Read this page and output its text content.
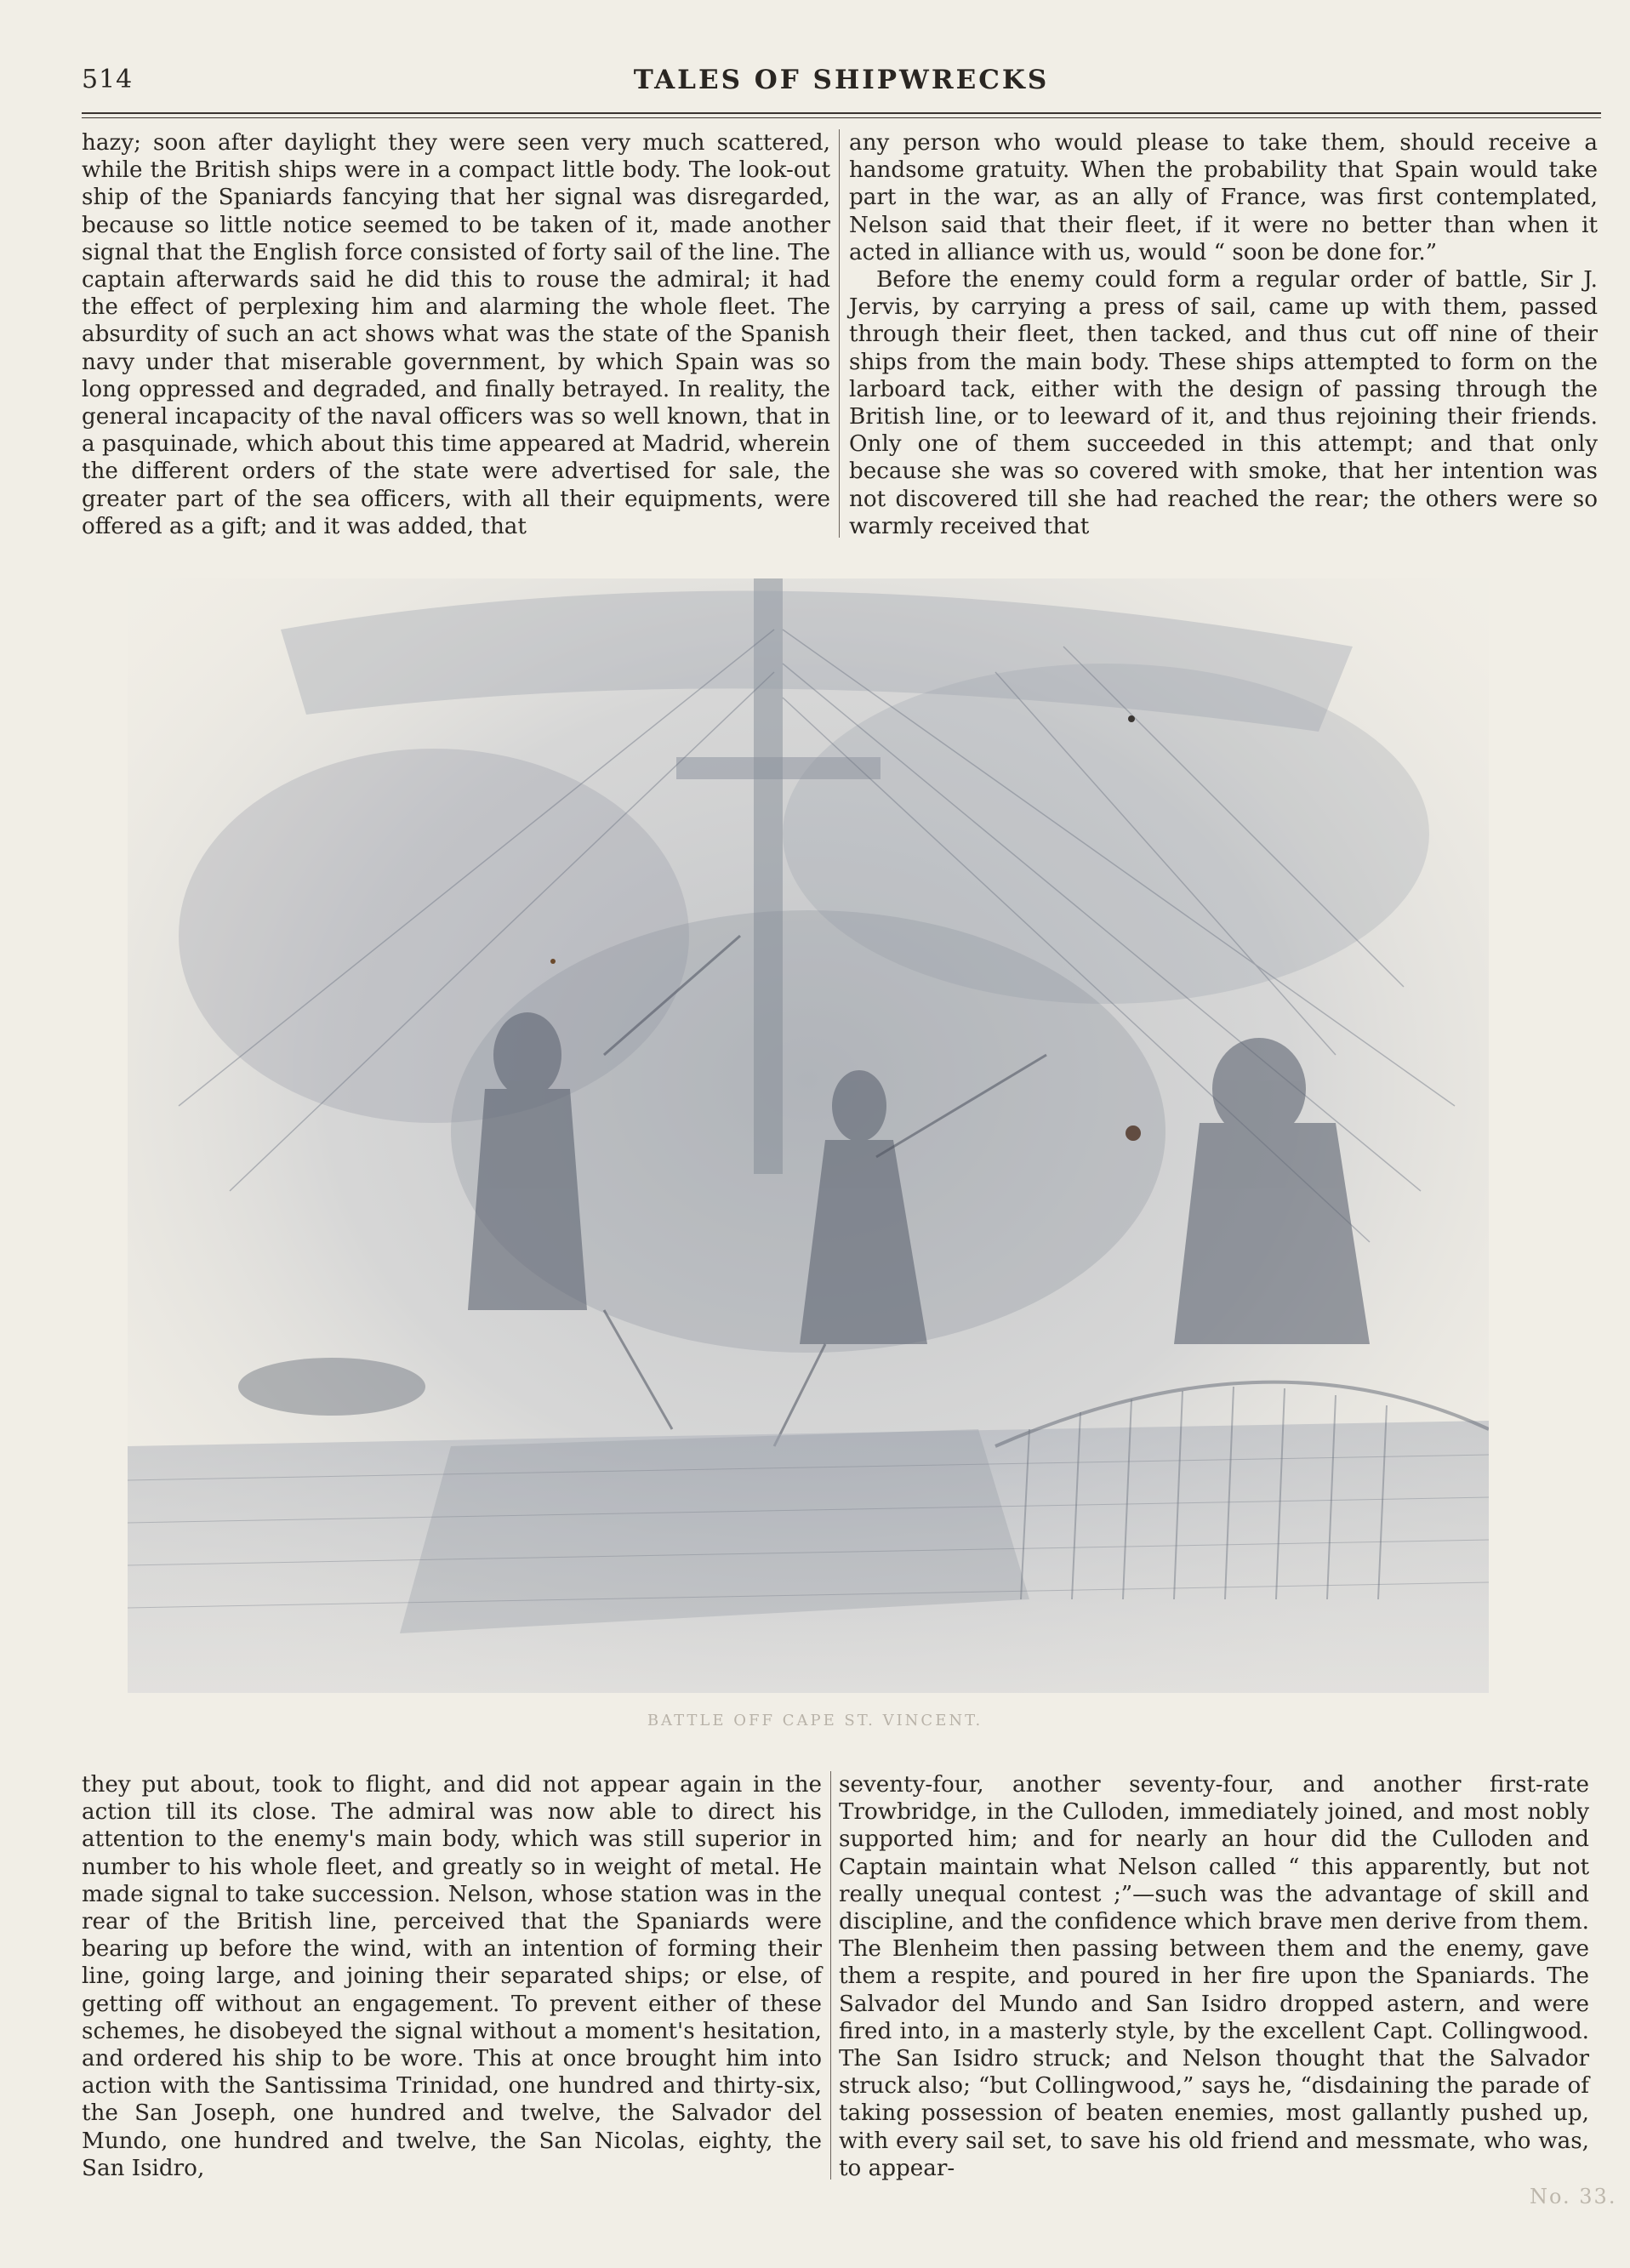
514	TALES OF SHIPWRECKS

hazy; soon after daylight they were seen very much scattered, while the British ships were in a compact little body. The look-out ship of the Spaniards fancying that her signal was disregarded, because so little notice seemed to be taken of it, made another signal that the English force consisted of forty sail of the line. The captain afterwards said he did this to rouse the admiral; it had the effect of perplexing him and alarming the whole fleet. The absurdity of such an act shows what was the state of the Spanish navy under that miserable government, by which Spain was so long oppressed and degraded, and finally betrayed. In reality, the general incapacity of the naval officers was so well known, that in a pasquinade, which about this time appeared at Madrid, wherein the different orders of the state were advertised for sale, the greater part of the sea officers, with all their equipments, were offered as a gift; and it was added, that

any person who would please to take them, should receive a handsome gratuity. When the probability that Spain would take part in the war, as an ally of France, was first contemplated, Nelson said that their fleet, if it were no better than when it acted in alliance with us, would “ soon be done for.”

Before the enemy could form a regular order of battle, Sir J. Jervis, by carrying a press of sail, came up with them, passed through their fleet, then tacked, and thus cut off nine of their ships from the main body. These ships attempted to form on the larboard tack, either with the design of passing through the British line, or to leeward of it, and thus rejoining their friends. Only one of them succeeded in this attempt; and that only because she was so covered with smoke, that her intention was not discovered till she had reached the rear; the others were so warmly received that

BATTLE OFF CAPE ST. VINCENT.

they put about, took to flight, and did not appear again in the action till its close. The admiral was now able to direct his attention to the enemy's main body, which was still superior in number to his whole fleet, and greatly so in weight of metal. He made signal to take succession. Nelson, whose station was in the rear of the British line, perceived that the Spaniards were bearing up before the wind, with an intention of forming their line, going large, and joining their separated ships; or else, of getting off without an engagement. To prevent either of these schemes, he disobeyed the signal without a moment's hesitation, and ordered his ship to be wore. This at once brought him into action with the Santissima Trinidad, one hundred and thirty-six, the San Joseph, one hundred and twelve, the Salvador del Mundo, one hundred and twelve, the San Nicolas, eighty, the San Isidro,

seventy-four, another seventy-four, and another first-rate Trowbridge, in the Culloden, immediately joined, and most nobly supported him; and for nearly an hour did the Culloden and Captain maintain what Nelson called “ this apparently, but not really unequal contest ;”—such was the advantage of skill and discipline, and the confidence which brave men derive from them. The Blenheim then passing between them and the enemy, gave them a respite, and poured in her fire upon the Spaniards. The Salvador del Mundo and San Isidro dropped astern, and were fired into, in a masterly style, by the excellent Capt. Collingwood. The San Isidro struck; and Nelson thought that the Salvador struck also; “but Collingwood,” says he, “disdaining the parade of taking possession of beaten enemies, most gallantly pushed up, with every sail set, to save his old friend and messmate, who was, to appear-

No. 33.
